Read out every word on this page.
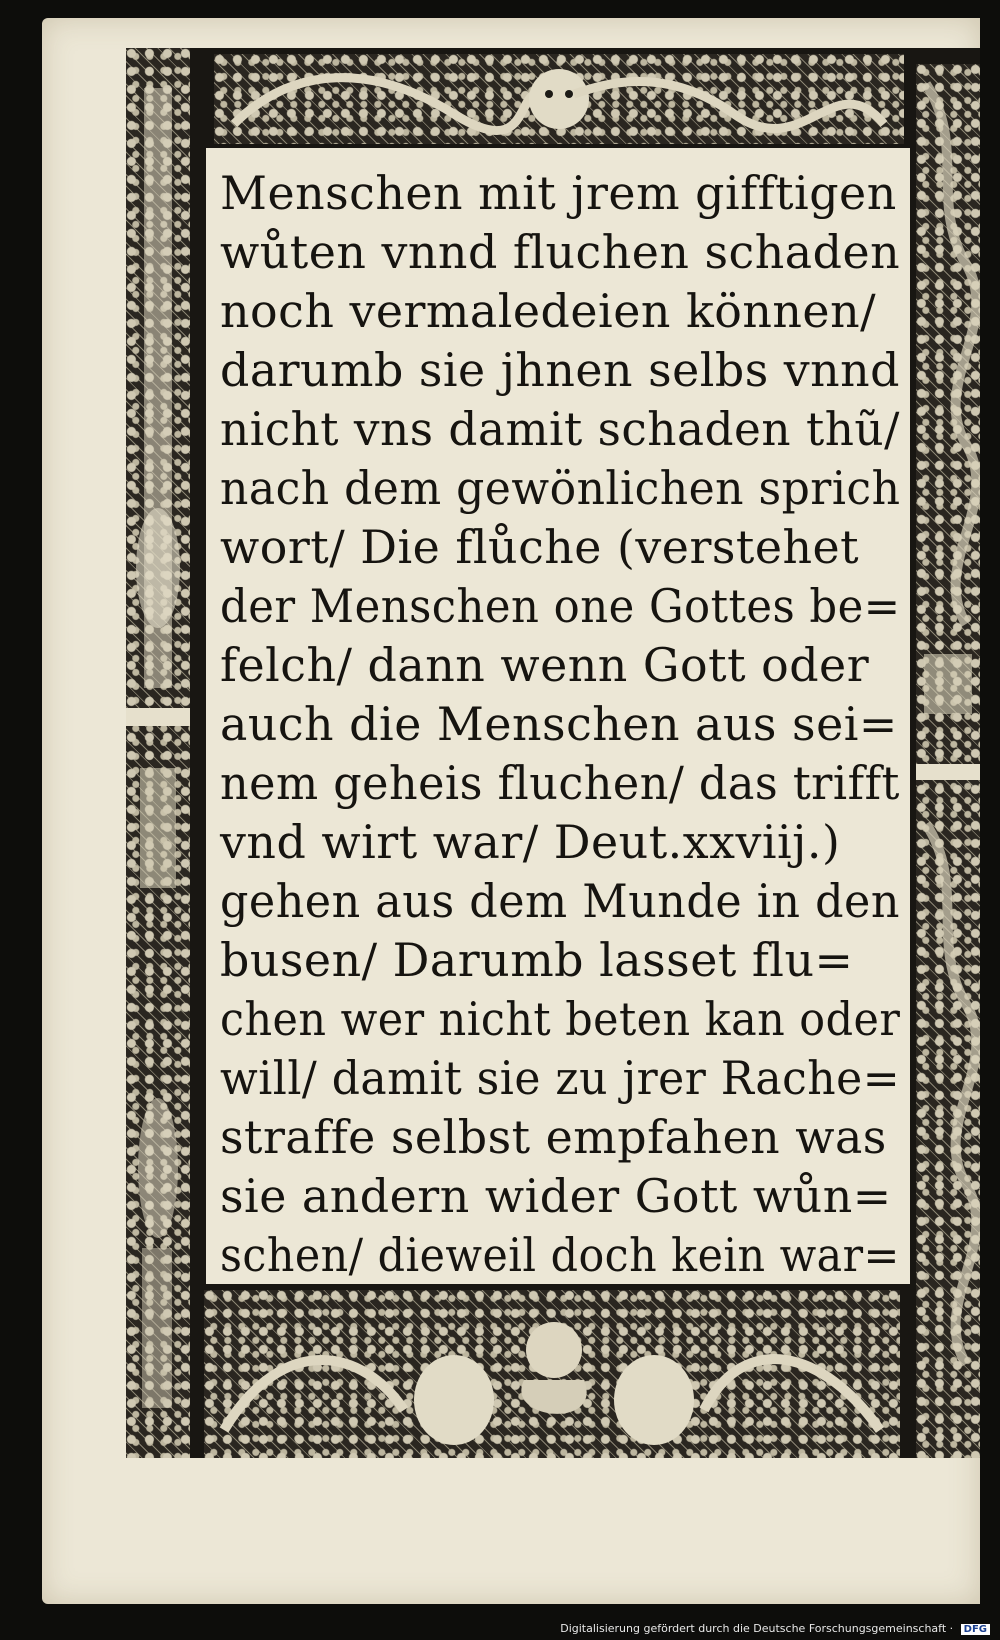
Menschen mit jrem gifftigen
wůten vnnd fluchen schaden
noch vermaledeien können/
darumb sie jhnen selbs vnnd
nicht vns damit schaden thũ/
nach dem gewönlichen sprich
wort/ Die flůche (verstehet
der Menschen one Gottes be=
felch/ dann wenn Gott oder
auch die Menschen aus sei=
nem geheis fluchen/ das trifft
vnd wirt war/ Deut.xxviij.)
gehen aus dem Munde in den
busen/ Darumb lasset flu=
chen wer nicht beten kan oder
will/ damit sie zu jrer Rache=
straffe selbst empfahen was
sie andern wider Gott wůn=
schen/ dieweil doch kein war=
Digitalisierung gefördert durch die Deutsche Forschungsgemeinschaft · DFG
